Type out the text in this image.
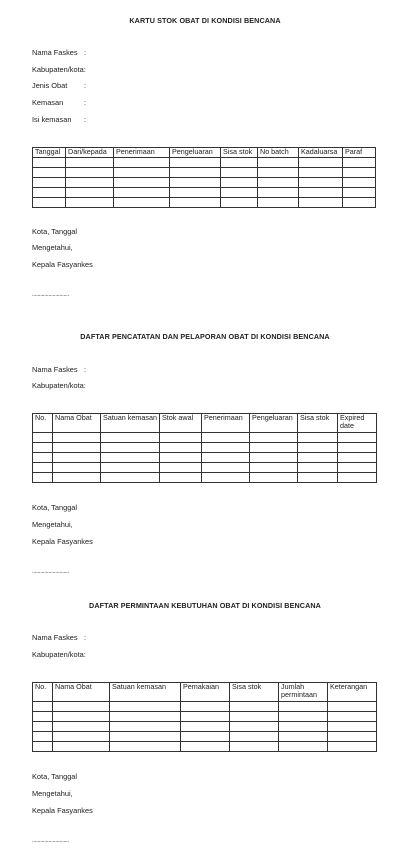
KARTU STOK OBAT DI KONDISI BENCANA
Nama Faskes :
Kabupaten/kota:
Jenis Obat :
Kemasan	:
Isi kemasan :
Tanggal	Dari/kepada	Penerimaan	Pengeluaran	Sisa stok	No batch	Kadaluarsa	Paraf

Kota, Tanggal
Mengetahui,
Kepala Fasyankes
...........................
DAFTAR PENCATATAN DAN PELAPORAN OBAT DI KONDISI BENCANA
Nama Faskes :
Kabupaten/kota:
No.	Nama Obat	Satuan kemasan	Stok awal	Penerimaan	Pengeluaran	Sisa stok	Expired date

Kota, Tanggal
Mengetahui,
Kepala Fasyankes
...........................
DAFTAR PERMINTAAN KEBUTUHAN OBAT DI KONDISI BENCANA
Nama Faskes :
Kabupaten/kota:
No.	Nama Obat	Satuan kemasan	Pemakaian	Sisa stok	Jumlah permintaan	Keterangan

Kota, Tanggal
Mengetahui,
Kepala Fasyankes
...........................
